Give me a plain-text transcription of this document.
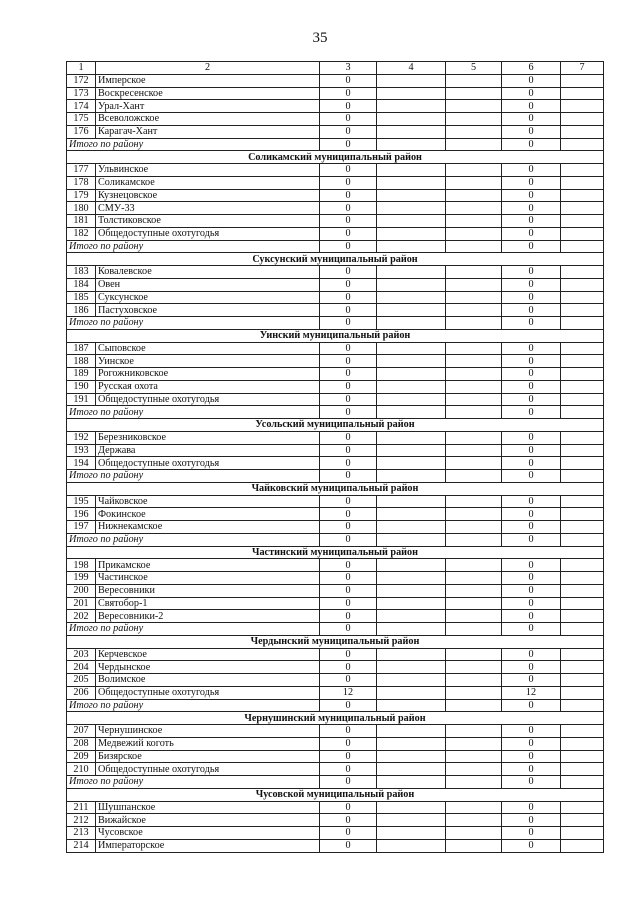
35
1	2	3	4	5	6	7
172	Имперское	0			0	
173	Воскресенское	0			0	
174	Урал-Хант	0			0	
175	Всеволожское	0			0	
176	Карагач-Хант	0			0	
Итого по району		0			0	
Соликамский муниципальный район						
177	Ульвинское	0			0	
178	Соликамское	0			0	
179	Кузнецовское	0			0	
180	СМУ-33	0			0	
181	Толстиковское	0			0	
182	Общедоступные охотугодья	0			0	
Итого по району		0			0	
Суксунский муниципальный район						
183	Ковалевское	0			0	
184	Овен	0			0	
185	Суксунское	0			0	
186	Пастуховское	0			0	
Итого по району		0			0	
Уинский муниципальный район						
187	Сыповское	0			0	
188	Уинское	0			0	
189	Рогожниковское	0			0	
190	Русская охота	0			0	
191	Общедоступные охотугодья	0			0	
Итого по району		0			0	
Усольский муниципальный район						
192	Березниковское	0			0	
193	Держава	0			0	
194	Общедоступные охотугодья	0			0	
Итого по району		0			0	
Чайковский муниципальный район						
195	Чайковское	0			0	
196	Фокинское	0			0	
197	Нижнекамское	0			0	
Итого по району		0			0	
Частинский муниципальный район						
198	Прикамское	0			0	
199	Частинское	0			0	
200	Вересовники	0			0	
201	Святобор-1	0			0	
202	Вересовники-2	0			0	
Итого по району		0			0	
Чердынский муниципальный район						
203	Керчевское	0			0	
204	Чердынское	0			0	
205	Волимское	0			0	
206	Общедоступные охотугодья	12			12	
Итого по району		0			0	
Чернушинский муниципальный район						
207	Чернушинское	0			0	
208	Медвежий коготь	0			0	
209	Бизярское	0			0	
210	Общедоступные охотугодья	0			0	
Итого по району		0			0	
Чусовской муниципальный район						
211	Шушпанское	0			0	
212	Вижайское	0			0	
213	Чусовское	0			0	
214	Императорское	0			0	
